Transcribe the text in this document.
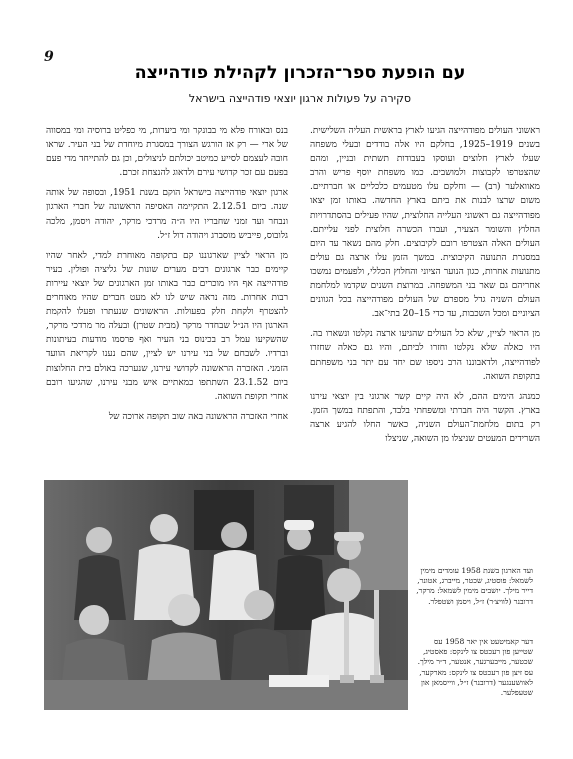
9
עם הופעת ספר־הזכרון לקהילת פודהייצה
סקירה על פעולות ארגון יוצאי פודהייצה בישראל

ראשוני העולים מפודהייצה הגיעו לארץ בראשית העליה השלישית. בשנים 1919–1925, בחלקם היו אלה בודדים ובעלי משפחה שעלו לארץ חלוצים ועוסקו בעבודות תשתית ובניין, ומהם שהצטרפו לקבוצות ולמושבים. כמו משפחת יוסף פריש והרב מאוואלער (רב) — וחלקם עלו מטעמים כלכליים או חברתיים. משום שרצו לבנות את ביתם בארץ החדשה. באותו זמן יצאו מפודהייצה גם ראשוני העלייה החלוצית, שהיו פעילים בהסתדרויות החלוץ והשומר הצעיר, ועברו הכשרה חלוצית לפני עלייתם. העולים האלה הצטרפו רובם לקיבוצים. חלק מהם נשאר עד היום במסגרת התנועה הקיבוצית. במשך הזמן עלו ארצה גם עולים מתנועות אחרות, כגון הנוער הציוני והחלוץ הכללי, ולפעמים נמשכו אחריהם גם שאר בני המשפחה. במרוצת השנים שקדמו למלחמת העולם השניה גדל מספרם של העולים מפודהייצה בכל הגוונים הציוניים ומכל השכבות, עד כדי 15–20 בתי־אב.

מן הראוי לציין, שלא כל העולים שהגיעו ארצה נקלטו ונשארו בה. היו כאלה שלא נקלטו וחזרו לביתם, והיו גם כאלה שחזרו לפודהייצה, ולדאבוננו הרב ניספו שם יחד עם יתר בני משפחתם בתקופת השואה.

כמנהג הימים ההם, לא היה קיים קשר ארגוני בין יוצאי עירנו בארץ. הקשר היה חברתי ומשפחתי בלבד, והתפתח במשך הזמן. רק בתום מלחמת־העולם השניה, כאשר החלו להגיע ארצה השרידים המעטים שניצלו מן השואה, שניצלו

בנס ובאורח פלא מי בבונקר ומי ביערות, מי כפליט ברוסיה ומי במסווה של ארי — רק אז הורגש הצורך במסגרת מיוחדת של בני העיר. שראו חובה לעצמם לסייע כמיטב יכולתם לניצולים, וכן גם להתייחד מדי פעם בפעם עם זכר קדושי עירם ולדאוג להנצחת זכרם.

ארגון יוצאי פודהייצה בישראל הוקם בשנת 1951, ובסופה של אותה שנה. ביום 2.12.51 התקיימה האסיפה הראשונה של חברי הארגון ונבחר ועד זמני שחבריו היו ה״ה מרדכי מרקר, יהודה ויסמן, מלכה גלובוס, פייביש מוסברג ויהודה דול ז״ל.

מן הראוי לציין שארגוננו קם בתקופה מאוחרת למדי, לאחר שהיו קיימים כבר ארגונים רבים מערים שונות של גליציה ופולין. בעיר פודהייצה אף היו מוכרים כבר באותו זמן הארגונים של יוצאי עיירות רבות אחרות. מזה נראה שיש לנו לא מעט חברים שהיו מאוחרים להצטרף ולקחת חלק בפעולות. הראשונים שנעתרו ופעלו להקמת הארגון היו הנ״ל שבחדר מרקר (מבית שטרן) ובעלה מר מרדכי מרקר, שהשקיעו עמל רב בכינוס בני העיר ואף פרסמו מודעות בעיתונות וברדיו. לשבחם של בני עירנו יש לציין, שהם נענו לקריאת הוועד הזמני. האזכרה הראשונה לקדושי עירנו, שנערכה באולם בית החלוצות ביום 23.1.52 השתתפו כמאתיים איש מבני עירנו, שהגיעו רובם אחרי תקופת השואה.

אחרי האזכרה הראשונה באה שוב תקופה ארוכה של

ועד הארגון בשנת 1958 עומדים מימין לשמאל: פוסטיג, שכטר, מייברג, אטונר, דייר מילך. יושבים מימין לשמאל: מרקר, דרובנר (לוויצ׳ר) ז״ל, ויסמן ושטפלר.
דער קאמיטעט אין יאר 1958 עס שטייען פון רעכטס צו לינקס: פאסטיג, שכטער, מייבערגער, אנטער, ד״ר מילך. עס זיצן פון רעכטס צו לינקס: מארקער, לאוושענגער (דרובנר) ז״ל, ווייסמאן און שטעפלער.
